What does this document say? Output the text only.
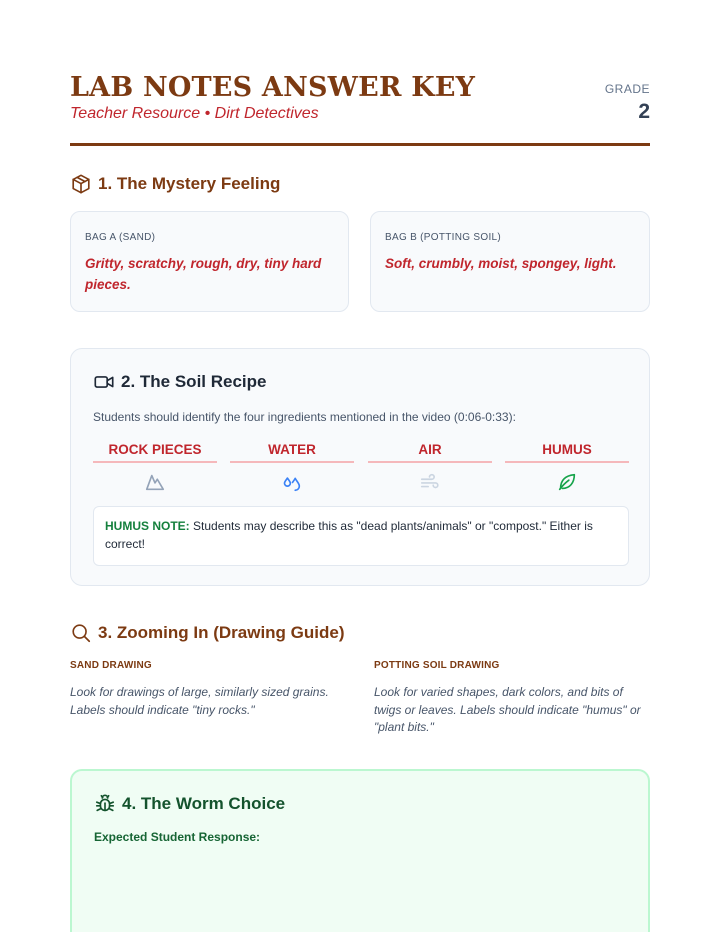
LAB NOTES ANSWER KEY
Teacher Resource • Dirt Detectives
GRADE
2
1. The Mystery Feeling
BAG A (SAND)
Gritty, scratchy, rough, dry, tiny hard pieces.
BAG B (POTTING SOIL)
Soft, crumbly, moist, spongey, light.
2. The Soil Recipe
Students should identify the four ingredients mentioned in the video (0:06-0:33):
ROCK PIECES	WATER	AIR	HUMUS
HUMUS NOTE: Students may describe this as "dead plants/animals" or "compost." Either is correct!
3. Zooming In (Drawing Guide)
SAND DRAWING
Look for drawings of large, similarly sized grains. Labels should indicate "tiny rocks."
POTTING SOIL DRAWING
Look for varied shapes, dark colors, and bits of twigs or leaves. Labels should indicate "humus" or "plant bits."
4. The Worm Choice
Expected Student Response:
